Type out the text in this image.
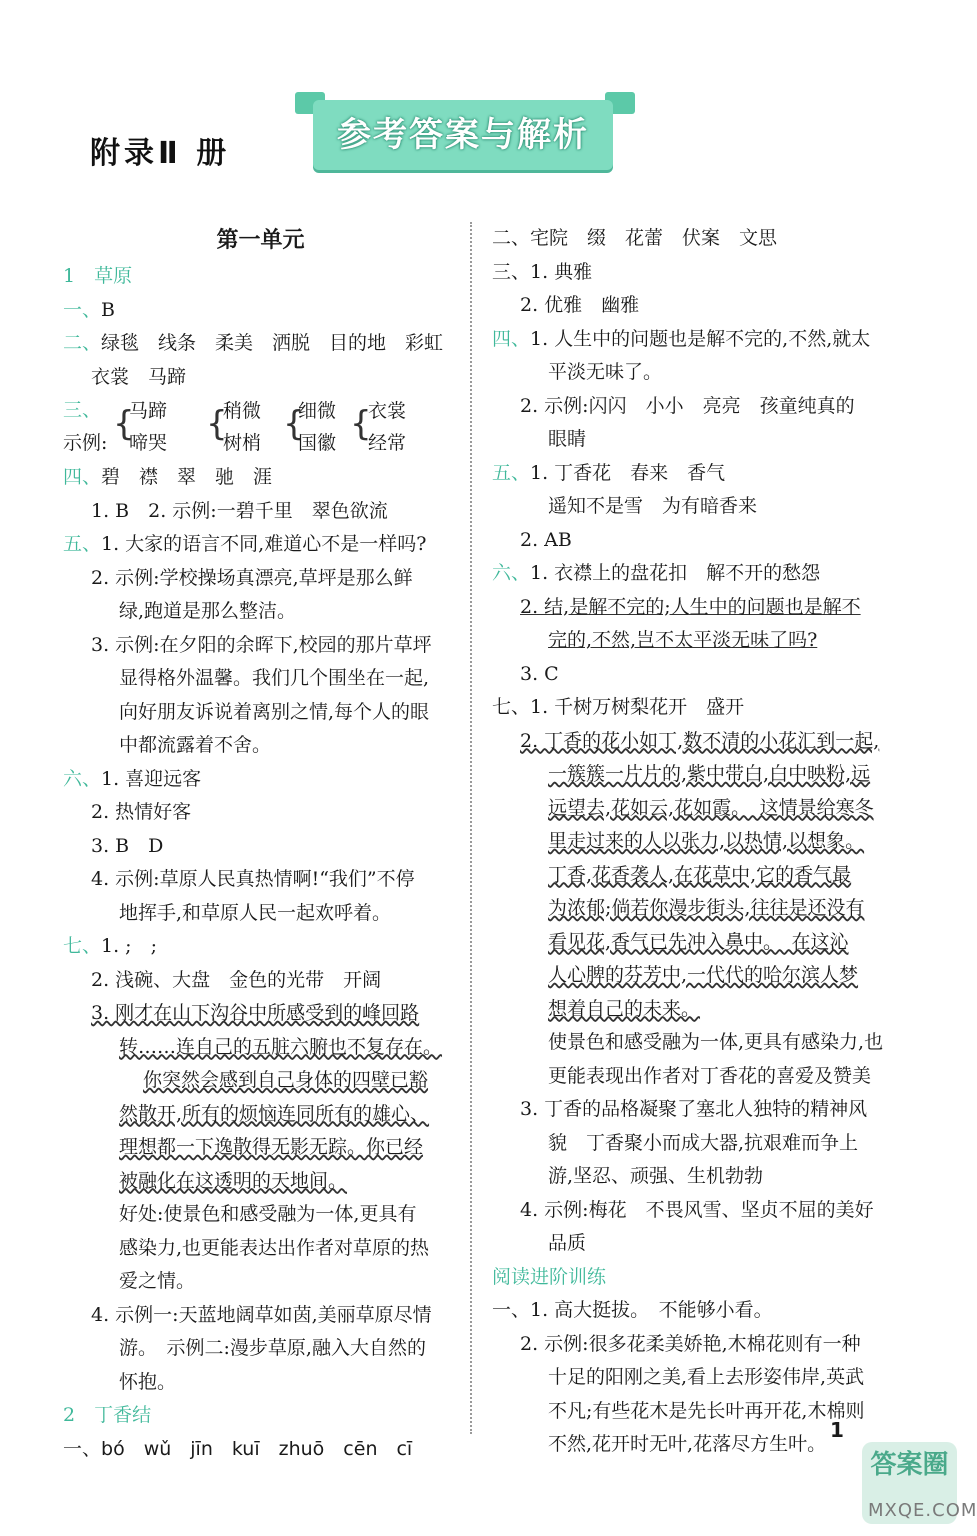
附录Ⅱ 册	参考答案与解析
第一单元
1　草原
一、B
二、绿毯　线条　柔美　洒脱　目的地　彩虹
衣裳　马蹄
三、
示例: {
马蹄
啼哭 {
稍微
树梢 {
细微
国徽 {
衣裳
经常
四、碧　襟　翠　驰　涯
1. B　2. 示例:一碧千里　翠色欲流
五、1. 大家的语言不同,难道心不是一样吗?
2. 示例:学校操场真漂亮,草坪是那么鲜
绿,跑道是那么整洁。
3. 示例:在夕阳的余晖下,校园的那片草坪
显得格外温馨。我们几个围坐在一起,
向好朋友诉说着离别之情,每个人的眼
中都流露着不舍。
六、1. 喜迎远客
2. 热情好客
3. B　D
4. 示例:草原人民真热情啊!“我们”不停
地挥手,和草原人民一起欢呼着。
七、1. ;　;
2. 浅碗、大盘　金色的光带　开阔
3. 刚才在山下沟谷中所感受到的峰回路
转……连自己的五脏六腑也不复存在。
你突然会感到自己身体的四壁已豁
然散开,所有的烦恼连同所有的雄心、
理想都一下逸散得无影无踪。你已经
被融化在这透明的天地间。
好处:使景色和感受融为一体,更具有
感染力,也更能表达出作者对草原的热
爱之情。
4. 示例一:天蓝地阔草如茵,美丽草原尽情
游。　示例二:漫步草原,融入大自然的
怀抱。
2　丁香结
一、bó　wǔ　jīn　kuī　zhuō　cēn　cī
二、宅院　缀　花蕾　伏案　文思
三、1. 典雅
2. 优雅　幽雅
四、1. 人生中的问题也是解不完的,不然,就太
平淡无味了。
2. 示例:闪闪　小小　亮亮　孩童纯真的
眼睛
五、1. 丁香花　春来　香气
遥知不是雪　为有暗香来
2. AB
六、1. 衣襟上的盘花扣　解不开的愁怨
2. 结,是解不完的;人生中的问题也是解不
完的,不然,岂不太平淡无味了吗?
3. C
七、1. 千树万树梨花开　盛开
2. 丁香的花小如丁,数不清的小花汇到一起,
一簇簇一片片的,紫中带白,白中映粉,远
远望去,花如云,花如霞。　这情景给寒冬
里走过来的人以张力,以热情,以想象。
丁香,花香袭人,在花草中,它的香气最
为浓郁;倘若你漫步街头,往往是还没有
看见花,香气已先冲入鼻中。　在这沁
人心脾的芬芳中,一代代的哈尔滨人梦
想着自己的未来。
使景色和感受融为一体,更具有感染力,也
更能表现出作者对丁香花的喜爱及赞美
3. 丁香的品格凝聚了塞北人独特的精神风
貌　丁香聚小而成大器,抗艰难而争上
游,坚忍、顽强、生机勃勃
4. 示例:梅花　不畏风雪、坚贞不屈的美好
品质
阅读进阶训练
一、1. 高大挺拔。　不能够小看。
2. 示例:很多花柔美娇艳,木棉花则有一种
十足的阳刚之美,看上去形姿伟岸,英武
不凡;有些花木是先长叶再开花,木棉则
不然,花开时无叶,花落尽方生叶。
答案圈
1
MXQE.COM
